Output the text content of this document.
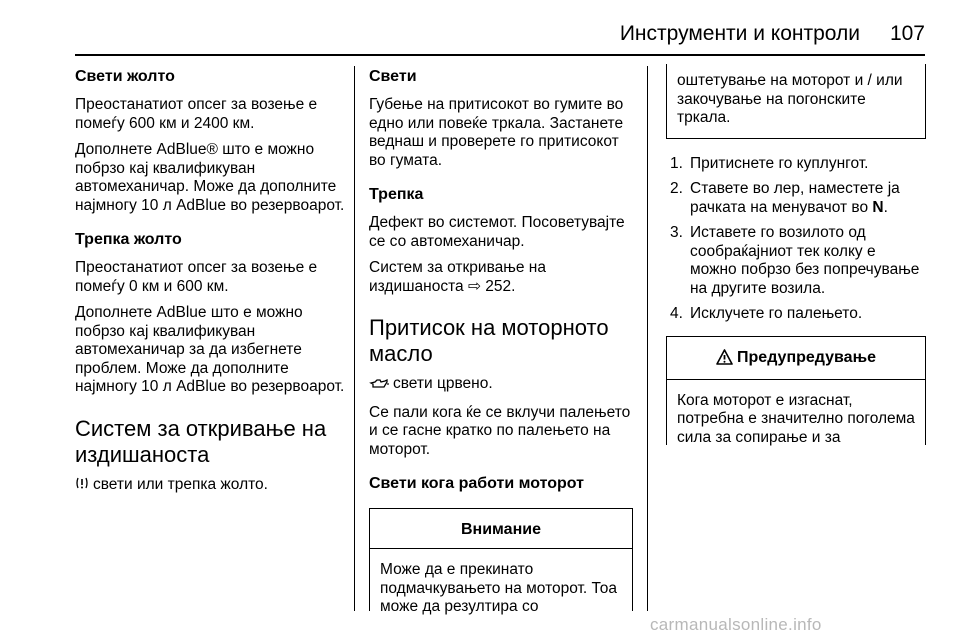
Инструменти и контроли	107
Свети жолто
Преостанатиот опсег за возење е помеѓу 600 км и 2400 км.
Дополнете AdBlue® што е можно побрзо кај квалификуван автомеханичар. Може да дополните најмногу 10 л AdBlue во резервоарот.
Трепка жолто
Преостанатиот опсег за возење е помеѓу 0 км и 600 км.
Дополнете AdBlue што е можно побрзо кај квалификуван автомеханичар за да избегнете проблем. Може да дополните најмногу 10 л AdBlue во резервоарот.
Систем за откривање на издишаноста
свети или трепка жолто.
Свети
Губење на притисокот во гумите во едно или повеќе тркала. Застанете веднаш и проверете го притисокот во гумата.
Трепка
Дефект во системот. Посоветувајте се со автомеханичар.
Систем за откривање на издишаноста ⇨ 252.
Притисок на моторното масло
свети црвено.
Се пали кога ќе се вклучи палењето и се гасне кратко по палењето на моторот.
Свети кога работи моторот
Внимание
Може да е прекинато подмачкувањето на моторот. Тоа може да резултира со
оштетување на моторот и / или закочување на погонските тркала.
1. Притиснете го куплунгот.
2. Ставете во лер, наместете ја рачката на менувачот во N.
3. Иставете го возилото од сообраќајниот тек колку е можно побрзо без попречување на другите возила.
4. Исклучете го палењето.
Предупредување
Кога моторот е изгаснат, потребна е значително поголема сила за сопирање и за
carmanualsonline.info
